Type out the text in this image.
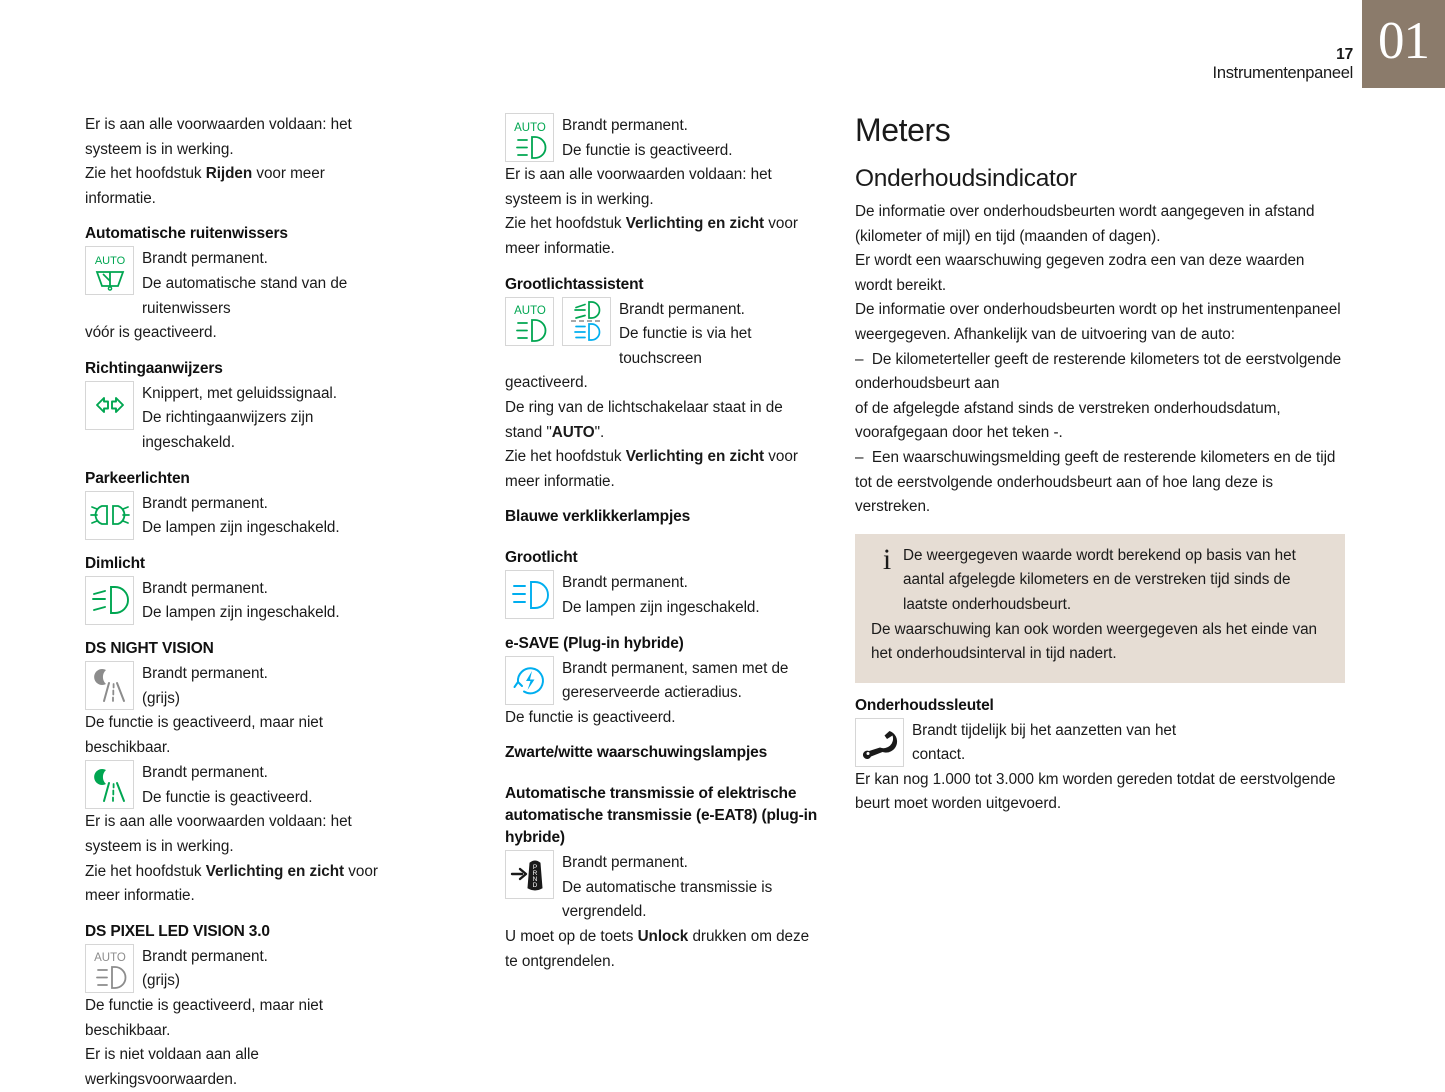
17
Instrumentenpaneel
01

Er is aan alle voorwaarden voldaan: het systeem is in werking.

Zie het hoofdstuk Rijden voor meer informatie.

Automatische ruitenwissers
AUTO Brandt permanent.

De automatische stand van de ruitenwissers

vóór is geactiveerd.

Richtingaanwijzers

Knippert, met geluidssignaal.

De richtingaanwijzers zijn ingeschakeld.

Parkeerlichten

Brandt permanent.

De lampen zijn ingeschakeld.

Dimlicht

Brandt permanent.

De lampen zijn ingeschakeld.

DS NIGHT VISION

Brandt permanent.

(grijs)

De functie is geactiveerd, maar niet beschikbaar.

Brandt permanent.

De functie is geactiveerd.

Er is aan alle voorwaarden voldaan: het systeem is in werking.

Zie het hoofdstuk Verlichting en zicht voor meer informatie.

DS PIXEL LED VISION 3.0
AUTO Brandt permanent.

(grijs)

De functie is geactiveerd, maar niet beschikbaar.

Er is niet voldaan aan alle werkingsvoorwaarden.

AUTO Brandt permanent.

De functie is geactiveerd.

Er is aan alle voorwaarden voldaan: het systeem is in werking.

Zie het hoofdstuk Verlichting en zicht voor meer informatie.

Grootlichtassistent
AUTO	Brandt permanent.

De functie is via het touchscreen

geactiveerd.

De ring van de lichtschakelaar staat in de stand "AUTO".

Zie het hoofdstuk Verlichting en zicht voor meer informatie.

Blauwe verklikkerlampjes
Grootlicht

Brandt permanent.

De lampen zijn ingeschakeld.

e-SAVE (Plug-in hybride)

Brandt permanent, samen met de

gereserveerde actieradius.

De functie is geactiveerd.

Zwarte/witte waarschuwingslampjes
Automatische transmissie of elektrische automatische transmissie (e-EAT8) (plug-in hybride)
P
R
N
D

Brandt permanent.

De automatische transmissie is vergrendeld.

U moet op de toets Unlock drukken om deze te ontgrendelen.

Meters
Onderhoudsindicator

De informatie over onderhoudsbeurten wordt aangegeven in afstand (kilometer of mijl) en tijd (maanden of dagen).

Er wordt een waarschuwing gegeven zodra een van deze waarden wordt bereikt.

De informatie over onderhoudsbeurten wordt op het instrumentenpaneel weergegeven. Afhankelijk van de uitvoering van de auto:

–  De kilometerteller geeft de resterende kilometers tot de eerstvolgende onderhoudsbeurt aan

of de afgelegde afstand sinds de verstreken onderhoudsdatum, voorafgegaan door het teken -.

–  Een waarschuwingsmelding geeft de resterende kilometers en de tijd tot de eerstvolgende onderhoudsbeurt aan of hoe lang deze is verstreken.

i De weergegeven waarde wordt berekend op basis van het aantal afgelegde kilometers en de verstreken tijd sinds de laatste onderhoudsbeurt.

De waarschuwing kan ook worden weergegeven als het einde van het onderhoudsinterval in tijd nadert.

Onderhoudssleutel

Brandt tijdelijk bij het aanzetten van het

contact.

Er kan nog 1.000 tot 3.000 km worden gereden totdat de eerstvolgende beurt moet worden uitgevoerd.
